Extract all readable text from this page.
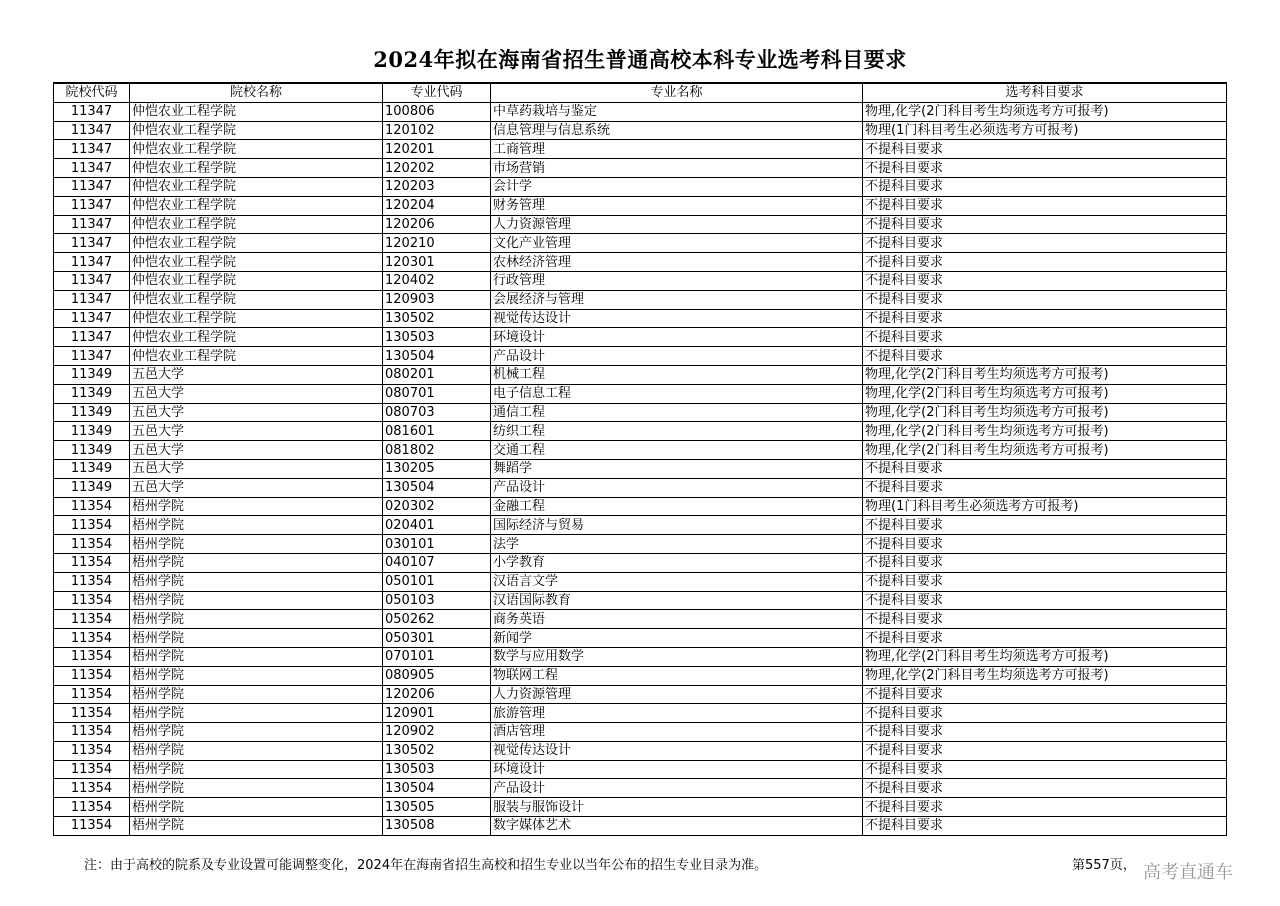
2024年拟在海南省招生普通高校本科专业选考科目要求
院校代码	院校名称	专业代码	专业名称	选考科目要求
11347	仲恺农业工程学院	100806	中草药栽培与鉴定	物理,化学(2门科目考生均须选考方可报考)
11347	仲恺农业工程学院	120102	信息管理与信息系统	物理(1门科目考生必须选考方可报考)
11347	仲恺农业工程学院	120201	工商管理	不提科目要求
11347	仲恺农业工程学院	120202	市场营销	不提科目要求
11347	仲恺农业工程学院	120203	会计学	不提科目要求
11347	仲恺农业工程学院	120204	财务管理	不提科目要求
11347	仲恺农业工程学院	120206	人力资源管理	不提科目要求
11347	仲恺农业工程学院	120210	文化产业管理	不提科目要求
11347	仲恺农业工程学院	120301	农林经济管理	不提科目要求
11347	仲恺农业工程学院	120402	行政管理	不提科目要求
11347	仲恺农业工程学院	120903	会展经济与管理	不提科目要求
11347	仲恺农业工程学院	130502	视觉传达设计	不提科目要求
11347	仲恺农业工程学院	130503	环境设计	不提科目要求
11347	仲恺农业工程学院	130504	产品设计	不提科目要求
11349	五邑大学	080201	机械工程	物理,化学(2门科目考生均须选考方可报考)
11349	五邑大学	080701	电子信息工程	物理,化学(2门科目考生均须选考方可报考)
11349	五邑大学	080703	通信工程	物理,化学(2门科目考生均须选考方可报考)
11349	五邑大学	081601	纺织工程	物理,化学(2门科目考生均须选考方可报考)
11349	五邑大学	081802	交通工程	物理,化学(2门科目考生均须选考方可报考)
11349	五邑大学	130205	舞蹈学	不提科目要求
11349	五邑大学	130504	产品设计	不提科目要求
11354	梧州学院	020302	金融工程	物理(1门科目考生必须选考方可报考)
11354	梧州学院	020401	国际经济与贸易	不提科目要求
11354	梧州学院	030101	法学	不提科目要求
11354	梧州学院	040107	小学教育	不提科目要求
11354	梧州学院	050101	汉语言文学	不提科目要求
11354	梧州学院	050103	汉语国际教育	不提科目要求
11354	梧州学院	050262	商务英语	不提科目要求
11354	梧州学院	050301	新闻学	不提科目要求
11354	梧州学院	070101	数学与应用数学	物理,化学(2门科目考生均须选考方可报考)
11354	梧州学院	080905	物联网工程	物理,化学(2门科目考生均须选考方可报考)
11354	梧州学院	120206	人力资源管理	不提科目要求
11354	梧州学院	120901	旅游管理	不提科目要求
11354	梧州学院	120902	酒店管理	不提科目要求
11354	梧州学院	130502	视觉传达设计	不提科目要求
11354	梧州学院	130503	环境设计	不提科目要求
11354	梧州学院	130504	产品设计	不提科目要求
11354	梧州学院	130505	服装与服饰设计	不提科目要求
11354	梧州学院	130508	数字媒体艺术	不提科目要求
注：由于高校的院系及专业设置可能调整变化，2024年在海南省招生高校和招生专业以当年公布的招生专业目录为准。	第557页， 高考直通车
